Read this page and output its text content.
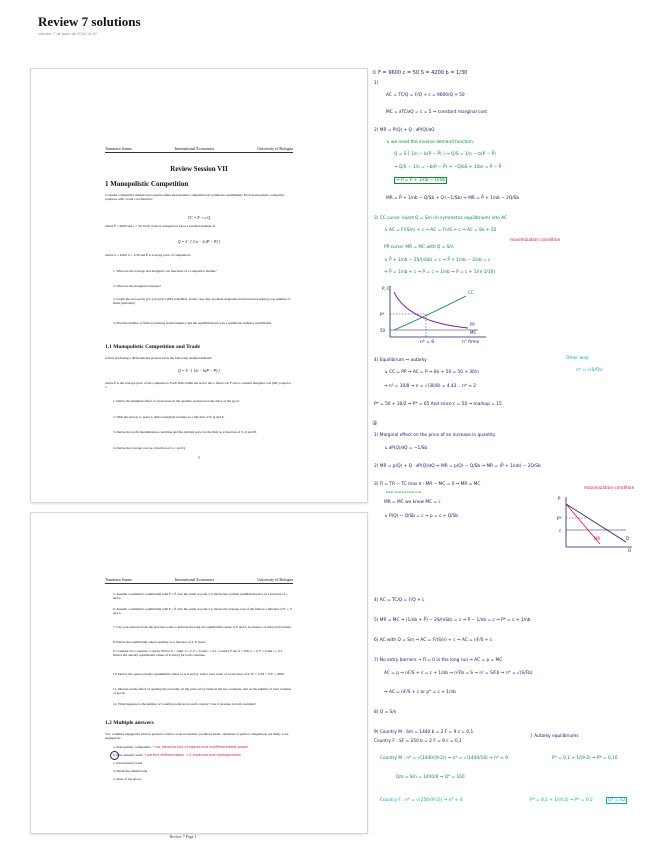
Review 7 solutions
viernes, 7 de junio de 2024 14:07
Tommaso Sonno	International Economics	University of Bologna
Review Session VII
1 Monopolistic Competition
Consider competitive markets that operate under monopolistic competition in symmetric equilibrium. Each monopolistic competitor produces with a total cost function:
TC = F + c·Q
where F = 9600 and c = 50. Each of the n competitors faces a residual demand of
Q = S · [ 1/n − b (P − P̄) ]
where S = 4200, b = 1/30 and P̄ is average price of competitors.
1. What are the average and marginal cost functions of a competitor market?
2. What are the marginal revenues?
3. Graph the zero-profit (CC) and price (PP) schedules. In this case why are these diagrams and downward sloping over number of firms (entrants)?
4. Find the number of firms (varieties) in this industry and the equilibrium price in a symmetric industry equilibrium.
1.1 Monopolistic Competition and Trade
A firm producing a differentiated product faces the following residual demand:
Q = S · [ 1/n − b(P − P̄) ]
where P̄ is the average price of the competitors. Each firm within the sector has a fixed cost F and a constant marginal cost (MC) equal to c.
1. Derive the marginal effect of an increase in the quantity produced on the price of the good.
2. With the answer to point 1, derive marginal revenue as a function of P, Q and S.
3. Derive the profit maximization condition and the optimal price for the firm as a function of S, Q and B.
4. Derive the average cost as a function of n, c and Q.
1
Tommaso Sonno	International Economics	University of Bologna
5. Assume a symmetric equilibrium with P = P̄. Use the result at point 3 to derive the optimal equilibrium price as a function of c and n.
6. Assume a symmetric equilibrium with P = P̄. Use the result at point 3 to derive the average cost of the firm as a function of F, c, S and n.
7. Use your answers from the previous point to indicate the long run equilibrium values of P and n, in absence of entry/exit barriers.
8. Derive the equilibrium output quantity as a function of S, P and n.
9. Consider two countries. Country M has S = 1440, b = 2, F = 9 and c = 0.1. Country F has S = 250, b = 2, F = 9 and c = 0.1. Derive the autarky equilibrium values of P and Q for both countries.
10. Derive the open economy equilibrium values of n, P and Q, with a total value of world sales of S^W = S^M + S^F = 1690.
11. Discuss on the effect of opening the economy on the price set by firms in the two countries, and on the number of total varieties of goods.
12. What happens to the number of variable producers in each country? Can it increase in both countries?
1.2 Multiple answers
Two countries engaged in trade in products with no scale economies, produced under conditions of perfect competition, are likely to be engaged in:
a. monopolistic competition → no, because lots of agents and undifferentiated goods
b. inter-industry trade → perfect differentiation ⇒ it produces one homogeneous
c. intra-industry trade
d. Heckscher-Ohlin trade
e. None of the above.
Review 7 Page 1
① F = 9600 c = 50 S = 4200 b = 1/30
1)
AC = TC/Q = F/Q + c = 9600/Q + 50
MC = ∂TC/∂Q = c = 5 ⇒ constant marginal cost
2) MR = P(Q) + Q · ∂P(Q)/∂Q
↳ we need the inverse demand function:
Q = S [ 1/n − b(P − P̄) ] ⇒ Q/S = 1/n − b(P − P̄)
⇒ Q/S − 1/n = −b(P − P̄) ⇒ −Q/bS + 1/bn = P − P̄
⇒ P = P̄ + 1/nb − Q/Sb
MR = P̄ + 1/nb − Q/Sb + Q·(−1/Sb) ⇒ MR = P̄ + 1/nb − 2Q/Sb
3) CC curve: inject Q = S/n (in symmetric equilibrium) into AC
↳ AC = F/(S/n) + c ⇒ AC = Fn/S + c ⇒ AC = 8n + 50
maximization condition
PP curve: MR = MC with Q = S/n
↳ P̄ + 1/nb − 2S/(nSb) = c ⇒ P̄ + 1/nb − 2/nb = c
⇒ P̄ = 1/nb + c ⇒ P = c + 1/nb ⇒ P = c + 1/(n·1/30)
P, C
CC
PP
MC
P*
50
n* = 8	n° firms
4) Equilibrium ⇒ autarky
↳ CC = PP ⇒ AC = P ⇒ 8n + 50 = 50 + 30/n
⇒ n² = 30/8 ⇒ n = √(30/8) = 4.43… n* ≈ 2
Other way:
n* = √(S/Fb)
P* = 50 + 30/2 ⇒ P* = 65 And since c = 50 ⇒ markup = 15
②
1) Marginal effect on the price of an increase in quantity
↳ ∂P(Q)/∂Q = −1/Sb
2) MR = p(Q) + Q · ∂P(Q)/∂Q ⇒ MR = p(Q) − Q/Sb ⇒ MR = (P̄ + 1/nb) − 2Q/Sb
3) Π = TR − TC max π : MR − MC = 0 ⇒ MR = MC
total revenue total cost
maximization condition
MR = MC we know MC = c
↳ P(Q) − Q/Sb = c ⇒ p = c + Q/Sb
P
P*
c
MR	D
Q
4) AC = TC/Q = F/Q + c
5) MR = MC ⇒ (1/nb + P̄) − 2S/(nSb) = c ⇒ P − 1/nb = c ⇒ P* = c + 1/nb
6) AC with Q = S/n ⇒ AC = F/(S/n) + c ⇒ AC = nF/S + c
7) No entry barriers → Π = 0 in the long run ⇒ AC = p = MC
AC = p ⇒ nF/S + c = c + 1/nb ⇒ n²Fb = S ⇒ n² = S/Fb ⇒ n* = √(S/Fb)
⇒ AC = nF/S + c or p* = c + 1/nb
8) Q = S/n
9) Country M : Sm = 1440 b = 2 F = 9 c = 0,1
Country F : SF = 250 b = 2 F = 9 c = 0,1
} Autarky equilibriums
Country M : n* = √(1440/(9·2)) ⇒ n* = √(1440/18) ⇒ n* ≈ 9	P* = 0,1 + 1/(9·2) ⇒ P* = 0,16
Qm = S/n = 1440/9 ⇒ Q* = 160
Country F : n* = √(250/(9·2)) ⇒ n* ≈ 4	P* = 0,1 + 1/(4·2) ⇒ P* = 0,2	Q* = 62
